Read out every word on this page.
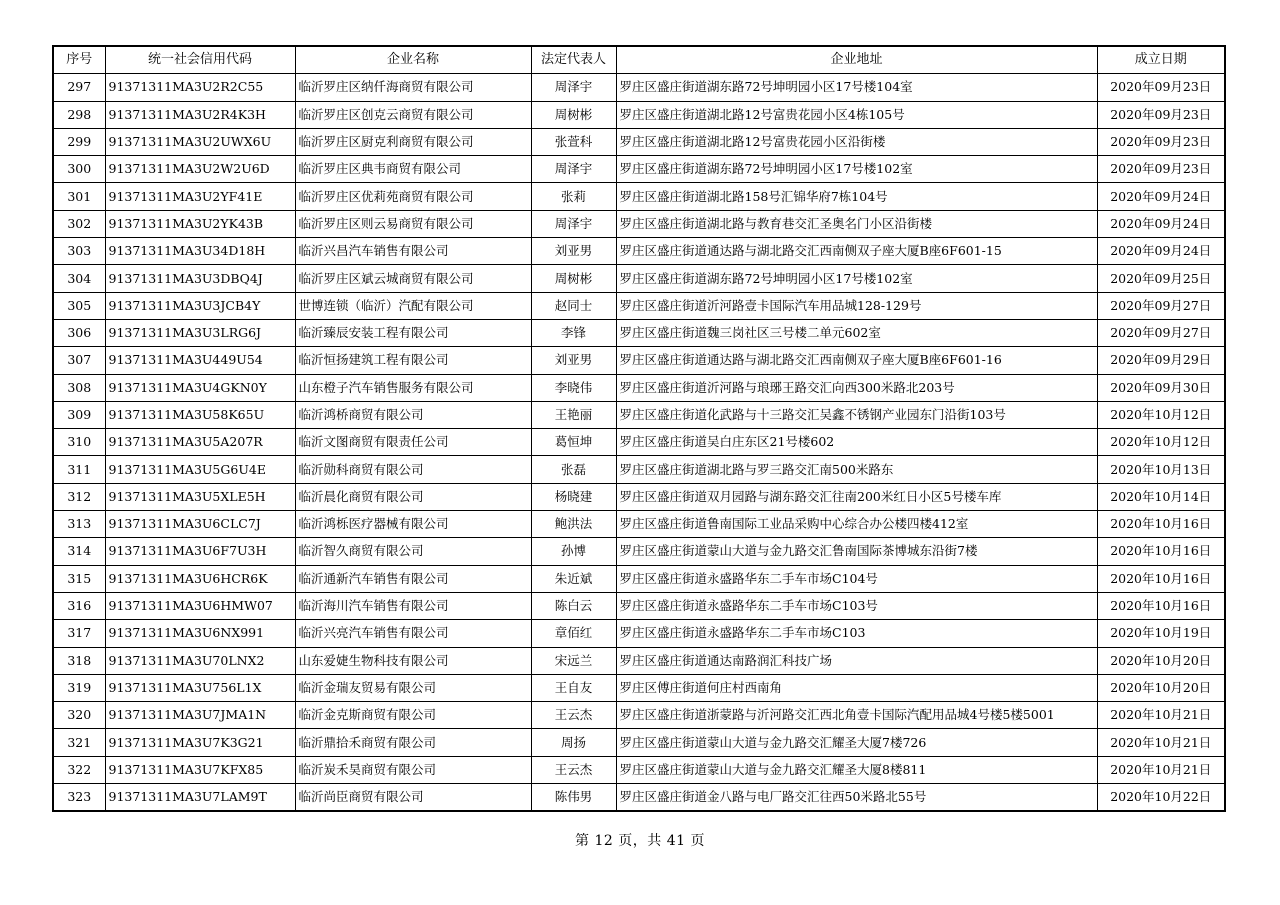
序号	统一社会信用代码	企业名称	法定代表人	企业地址	成立日期
297	91371311MA3U2R2C55	临沂罗庄区纳仟海商贸有限公司	周泽宇	罗庄区盛庄街道湖东路72号坤明园小区17号楼104室	2020年09月23日
298	91371311MA3U2R4K3H	临沂罗庄区创克云商贸有限公司	周树彬	罗庄区盛庄街道湖北路12号富贵花园小区4栋105号	2020年09月23日
299	91371311MA3U2UWX6U	临沂罗庄区厨克利商贸有限公司	张萱科	罗庄区盛庄街道湖北路12号富贵花园小区沿街楼	2020年09月23日
300	91371311MA3U2W2U6D	临沂罗庄区典韦商贸有限公司	周泽宇	罗庄区盛庄街道湖东路72号坤明园小区17号楼102室	2020年09月23日
301	91371311MA3U2YF41E	临沂罗庄区优莉苑商贸有限公司	张莉	罗庄区盛庄街道湖北路158号汇锦华府7栋104号	2020年09月24日
302	91371311MA3U2YK43B	临沂罗庄区则云易商贸有限公司	周泽宇	罗庄区盛庄街道湖北路与教育巷交汇圣奥名门小区沿街楼	2020年09月24日
303	91371311MA3U34D18H	临沂兴昌汽车销售有限公司	刘亚男	罗庄区盛庄街道通达路与湖北路交汇西南侧双子座大厦B座6F601-15	2020年09月24日
304	91371311MA3U3DBQ4J	临沂罗庄区斌云城商贸有限公司	周树彬	罗庄区盛庄街道湖东路72号坤明园小区17号楼102室	2020年09月25日
305	91371311MA3U3JCB4Y	世博连锁（临沂）汽配有限公司	赵同士	罗庄区盛庄街道沂河路壹卡国际汽车用品城128-129号	2020年09月27日
306	91371311MA3U3LRG6J	临沂臻辰安装工程有限公司	李锋	罗庄区盛庄街道魏三岗社区三号楼二单元602室	2020年09月27日
307	91371311MA3U449U54	临沂恒扬建筑工程有限公司	刘亚男	罗庄区盛庄街道通达路与湖北路交汇西南侧双子座大厦B座6F601-16	2020年09月29日
308	91371311MA3U4GKN0Y	山东橙子汽车销售服务有限公司	李晓伟	罗庄区盛庄街道沂河路与琅琊王路交汇向西300米路北203号	2020年09月30日
309	91371311MA3U58K65U	临沂鸿桥商贸有限公司	王艳丽	罗庄区盛庄街道化武路与十三路交汇吴鑫不锈钢产业园东门沿街103号	2020年10月12日
310	91371311MA3U5A207R	临沂文图商贸有限责任公司	葛恒坤	罗庄区盛庄街道吴白庄东区21号楼602	2020年10月12日
311	91371311MA3U5G6U4E	临沂勋科商贸有限公司	张磊	罗庄区盛庄街道湖北路与罗三路交汇南500米路东	2020年10月13日
312	91371311MA3U5XLE5H	临沂晨化商贸有限公司	杨晓建	罗庄区盛庄街道双月园路与湖东路交汇往南200米红日小区5号楼车库	2020年10月14日
313	91371311MA3U6CLC7J	临沂鸿栎医疗器械有限公司	鲍洪法	罗庄区盛庄街道鲁南国际工业品采购中心综合办公楼四楼412室	2020年10月16日
314	91371311MA3U6F7U3H	临沂智久商贸有限公司	孙博	罗庄区盛庄街道蒙山大道与金九路交汇鲁南国际茶博城东沿街7楼	2020年10月16日
315	91371311MA3U6HCR6K	临沂通新汽车销售有限公司	朱近斌	罗庄区盛庄街道永盛路华东二手车市场C104号	2020年10月16日
316	91371311MA3U6HMW07	临沂海川汽车销售有限公司	陈白云	罗庄区盛庄街道永盛路华东二手车市场C103号	2020年10月16日
317	91371311MA3U6NX991	临沂兴亮汽车销售有限公司	章佰红	罗庄区盛庄街道永盛路华东二手车市场C103	2020年10月19日
318	91371311MA3U70LNX2	山东爱婕生物科技有限公司	宋远兰	罗庄区盛庄街道通达南路润汇科技广场	2020年10月20日
319	91371311MA3U756L1X	临沂金瑞友贸易有限公司	王自友	罗庄区傅庄街道何庄村西南角	2020年10月20日
320	91371311MA3U7JMA1N	临沂金克斯商贸有限公司	王云杰	罗庄区盛庄街道浙蒙路与沂河路交汇西北角壹卡国际汽配用品城4号楼5楼5001	2020年10月21日
321	91371311MA3U7K3G21	临沂鼎拾禾商贸有限公司	周扬	罗庄区盛庄街道蒙山大道与金九路交汇耀圣大厦7楼726	2020年10月21日
322	91371311MA3U7KFX85	临沂炭禾昊商贸有限公司	王云杰	罗庄区盛庄街道蒙山大道与金九路交汇耀圣大厦8楼811	2020年10月21日
323	91371311MA3U7LAM9T	临沂尚臣商贸有限公司	陈伟男	罗庄区盛庄街道金八路与电厂路交汇往西50米路北55号	2020年10月22日
第 12 页，共 41 页
